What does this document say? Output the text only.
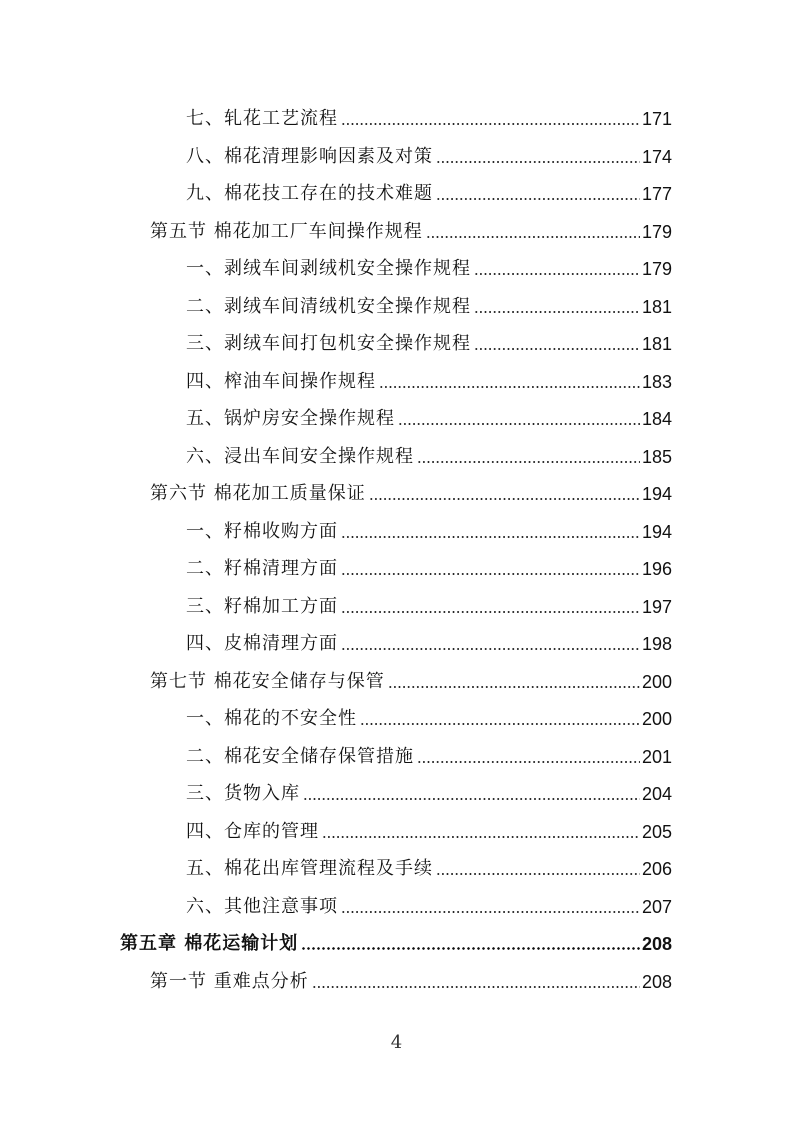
七、轧花工艺流程	171
八、棉花清理影响因素及对策	174
九、棉花技工存在的技术难题	177
第五节 棉花加工厂车间操作规程	179
一、剥绒车间剥绒机安全操作规程	179
二、剥绒车间清绒机安全操作规程	181
三、剥绒车间打包机安全操作规程	181
四、榨油车间操作规程	183
五、锅炉房安全操作规程	184
六、浸出车间安全操作规程	185
第六节 棉花加工质量保证	194
一、籽棉收购方面	194
二、籽棉清理方面	196
三、籽棉加工方面	197
四、皮棉清理方面	198
第七节 棉花安全储存与保管	200
一、棉花的不安全性	200
二、棉花安全储存保管措施	201
三、货物入库	204
四、仓库的管理	205
五、棉花出库管理流程及手续	206
六、其他注意事项	207
第五章 棉花运输计划	208
第一节 重难点分析	208
4
